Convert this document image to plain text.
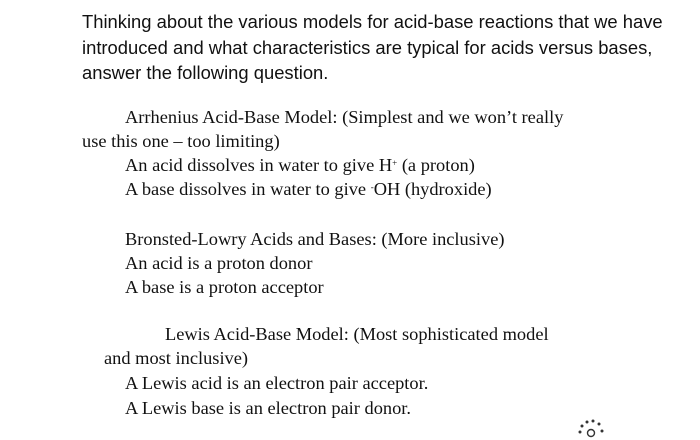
Thinking about the various models for acid-base reactions that we have introduced and what characteristics are typical for acids versus bases, answer the following question.
Arrhenius Acid-Base Model: (Simplest and we won’t really
use this one – too limiting)
An acid dissolves in water to give H+ (a proton)
A base dissolves in water to give -OH (hydroxide)
Bronsted-Lowry Acids and Bases: (More inclusive)
An acid is a proton donor
A base is a proton acceptor
Lewis Acid-Base Model: (Most sophisticated model
and most inclusive)
A Lewis acid is an electron pair acceptor.
A Lewis base is an electron pair donor.
